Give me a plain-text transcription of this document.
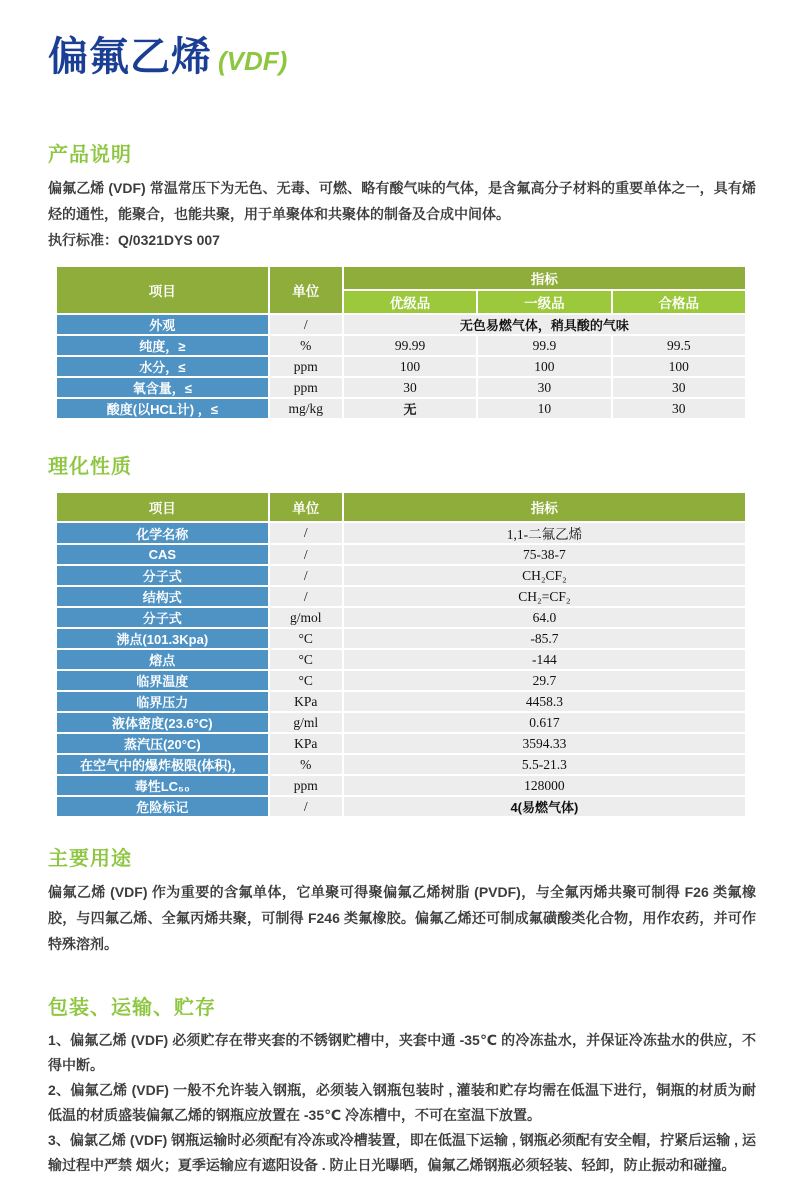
偏氟乙烯 (VDF)
产品说明

偏氟乙烯 (VDF) 常温常压下为无色、无毒、可燃、略有酸气味的气体，是含氟高分子材料的重要单体之一，具有烯烃的通性，能聚合，也能共聚，用于单聚体和共聚体的制备及合成中间体。

执行标准：Q/0321DYS 007

项目	单位	指标		
		优级品	一级品	合格品
外观	/	无色易燃气体，稍具酸的气味		
纯度，≥	%	99.99	99.9	99.5
水分，≤	ppm	100	100	100
氧含量，≤	ppm	30	30	30
酸度(以HCL计) ，≤	mg/kg	无	10	30
理化性质
项目	单位	指标
化学名称	/	1,1-二氟乙烯
CAS	/	75-38-7
分子式	/	CH₂CF₂
结构式	/	CH₂=CF₂
分子式	g/mol	64.0
沸点(101.3Kpa)	°C	-85.7
熔点	°C	-144
临界温度	°C	29.7
临界压力	KPa	4458.3
液体密度(23.6°C)	g/ml	0.617
蒸汽压(20°C)	KPa	3594.33
在空气中的爆炸极限(体积)，	%	5.5-21.3
毒性LC₅₀	ppm	128000
危险标记	/	4(易燃气体)
主要用途

偏氟乙烯 (VDF) 作为重要的含氟单体，它单聚可得聚偏氟乙烯树脂 (PVDF)，与全氟丙烯共聚可制得 F26 类氟橡胶，与四氟乙烯、全氟丙烯共聚，可制得 F246 类氟橡胶。偏氟乙烯还可制成氟磺酸类化合物，用作农药，并可作特殊溶剂。

包装、运输、贮存

1、偏氟乙烯 (VDF) 必须贮存在带夹套的不锈钢贮槽中，夹套中通 -35℃ 的冷冻盐水，并保证冷冻盐水的供应，不得中断。

2、偏氟乙烯 (VDF) 一般不允许装入钢瓶，必须装入钢瓶包装时 , 灌装和贮存均需在低温下进行，铜瓶的材质为耐低温的材质盛装偏氟乙烯的钢瓶应放置在 -35℃ 冷冻槽中，不可在室温下放置。

3、偏氯乙烯 (VDF) 钢瓶运输时必须配有冷冻或冷槽装置，即在低温下运输 , 钢瓶必须配有安全帽，拧紧后运输 , 运输过程中严禁 烟火；夏季运输应有遮阳设备 . 防止日光曝晒，偏氟乙烯钢瓶必须轻装、轻卸，防止振动和碰撞。
